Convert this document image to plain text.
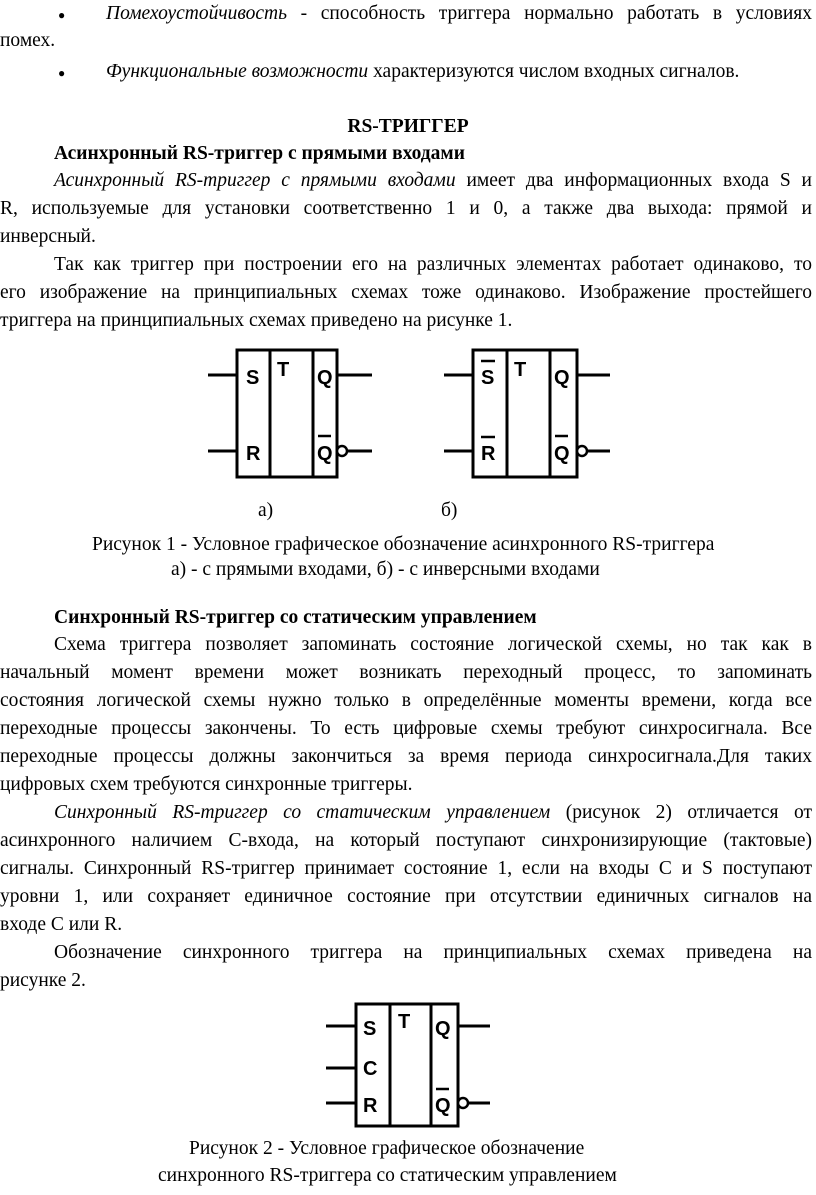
●	Помехоустойчивость - способность триггера нормально работать в условиях
помех.
● Функциональные возможности характеризуются числом входных сигналов.
RS-ТРИГГЕР
Асинхронный RS-триггер с прямыми входами
Асинхронный RS-триггер с прямыми входами имеет два информационных входа S и
R, используемые для установки соответственно 1 и 0, а также два выхода: прямой и
инверсный.
Так как триггер при построении его на различных элементах работает одинаково, то
его изображение на принципиальных схемах тоже одинаково. Изображение простейшего
триггера на принципиальных схемах приведено на рисунке 1.
S
R
T Q
Q
S
R
T Q
Q
а)	б)
Рисунок 1 - Условное графическое обозначение асинхронного RS-триггера
а) - с прямыми входами, б) - с инверсными входами
Синхронный RS-триггер со статическим управлением
Схема триггера позволяет запоминать состояние логической схемы, но так как в
начальный момент времени может возникать переходный процесс, то запоминать
состояния логической схемы нужно только в определённые моменты времени, когда все
переходные процессы закончены. То есть цифровые схемы требуют синхросигнала. Все
переходные процессы должны закончиться за время периода синхросигнала.Для таких
цифровых схем требуются синхронные триггеры.
Синхронный RS-триггер со статическим управлением (рисунок 2) отличается от
асинхронного наличием С-входа, на который поступают синхронизирующие (тактовые)
сигналы. Синхронный RS-триггер принимает состояние 1, если на входы С и S поступают
уровни 1, или сохраняет единичное состояние при отсутствии единичных сигналов на
входе С или R.
Обозначение синхронного триггера на принципиальных схемах приведена на
рисунке 2.
S
C
R
T Q
Q
Рисунок 2 - Условное графическое обозначение
синхронного RS-триггера со статическим управлением
